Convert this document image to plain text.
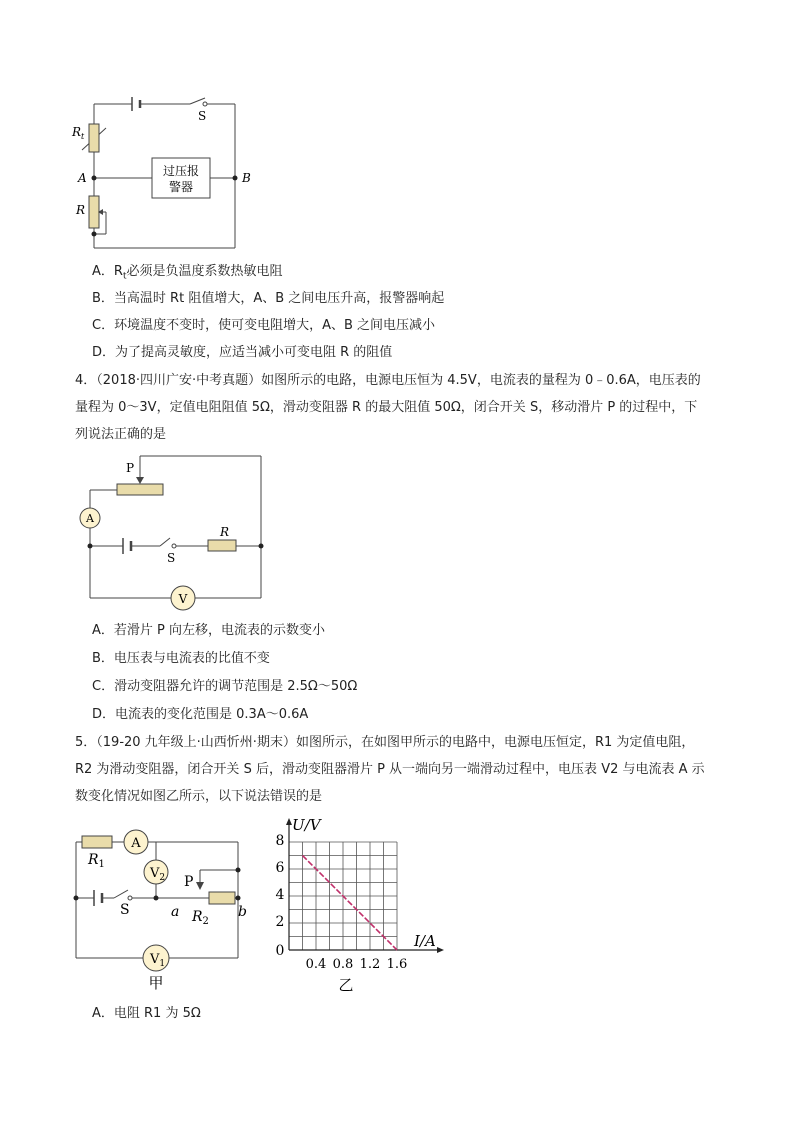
$R_t$
S
A	B
R
过压报
警器
A．$R_t$必须是负温度系数热敏电阻
B．当高温时 Rt 阻值增大，A、B 之间电压升高，报警器响起
C．环境温度不变时，使可变电阻增大，A、B 之间电压减小
D．为了提高灵敏度，应适当减小可变电阻 R 的阻值
4．（2018·四川广安·中考真题）如图所示的电路，电源电压恒为 4.5V，电流表的量程为 0﹣0.6A，电压表的
量程为 0～3V，定值电阻阻值 5Ω，滑动变阻器 R 的最大阻值 50Ω，闭合开关 S，移动滑片 P 的过程中，下
列说法正确的是
P
A
S
R
V
A．若滑片 P 向左移，电流表的示数变小
B．电压表与电流表的比值不变
C．滑动变阻器允许的调节范围是 2.5Ω～50Ω
D．电流表的变化范围是 0.3A～0.6A
5．（19-20 九年级上·山西忻州·期末）如图所示，在如图甲所示的电路中，电源电压恒定，R1 为定值电阻，
R2 为滑动变阻器，闭合开关 S 后，滑动变阻器滑片 P 从一端向另一端滑动过程中，电压表 V2 与电流表 A 示
数变化情况如图乙所示，以下说法错误的是
$R_1$
A
$V_2$ P
S	a $R_2$
b
$V_1$
甲
U/V
I/A
8
6
4
2
0
0.4 0.8 1.2 1.6
乙
A．电阻 R1 为 5Ω
